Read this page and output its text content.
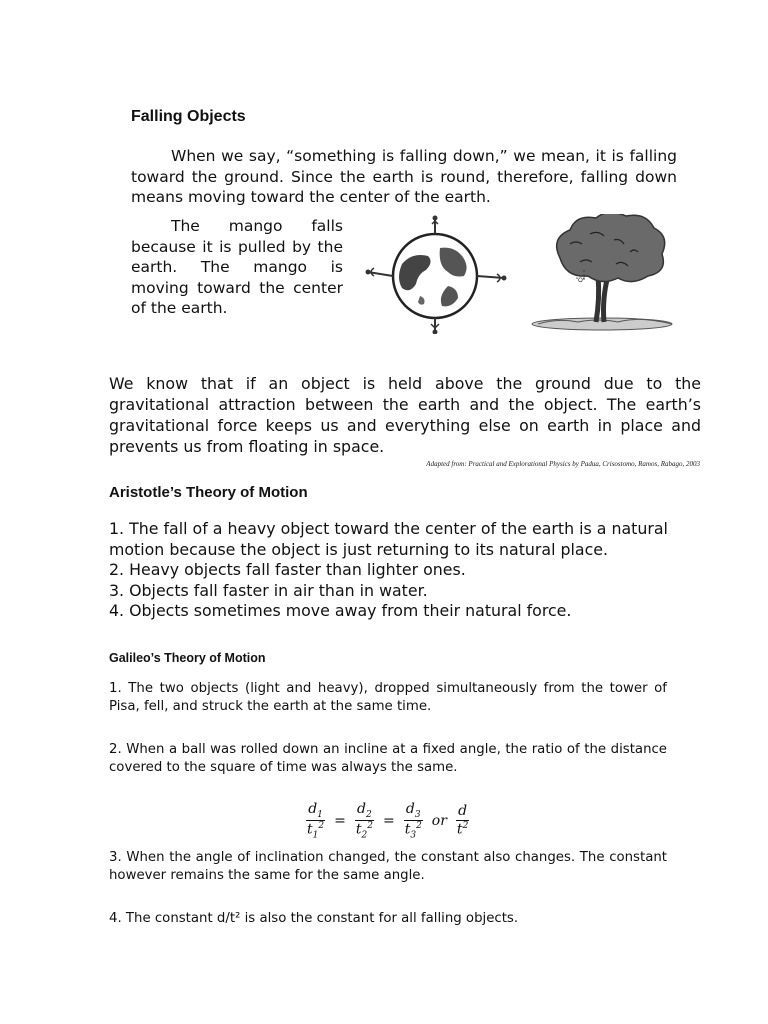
Falling Objects

When we say, “something is falling down,” we mean, it is falling toward the ground. Since the earth is round, therefore, falling down means moving toward the center of the earth.

The mango falls because it is pulled by the earth. The mango is moving toward the center of the earth.

"O"

We know that if an object is held above the ground due to the gravitational attraction between the earth and the object. The earth’s gravitational force keeps us and everything else on earth in place and prevents us from floating in space.

Adapted from: Practical and Explorational Physics by Padua, Crisostomo, Ramos, Rabago, 2003
Aristotle’s Theory of Motion
1. The fall of a heavy object toward the center of the earth is a natural motion because the object is just returning to its natural place.
2. Heavy objects fall faster than lighter ones.
3. Objects fall faster in air than in water.
4. Objects sometimes move away from their natural force.
Galileo’s Theory of Motion

1. The two objects (light and heavy), dropped simultaneously from the tower of Pisa, fell, and struck the earth at the same time.

2. When a ball was rolled down an incline at a fixed angle, the ratio of the distance covered to the square of time was always the same.

$\frac{d_1}{t_1^2} = \frac{d_2}{t_2^2} = \frac{d_3}{t_3^2}$ or $\frac{d}{t^2}$

3. When the angle of inclination changed, the constant also changes. The constant however remains the same for the same angle.

4. The constant d/t² is also the constant for all falling objects.
